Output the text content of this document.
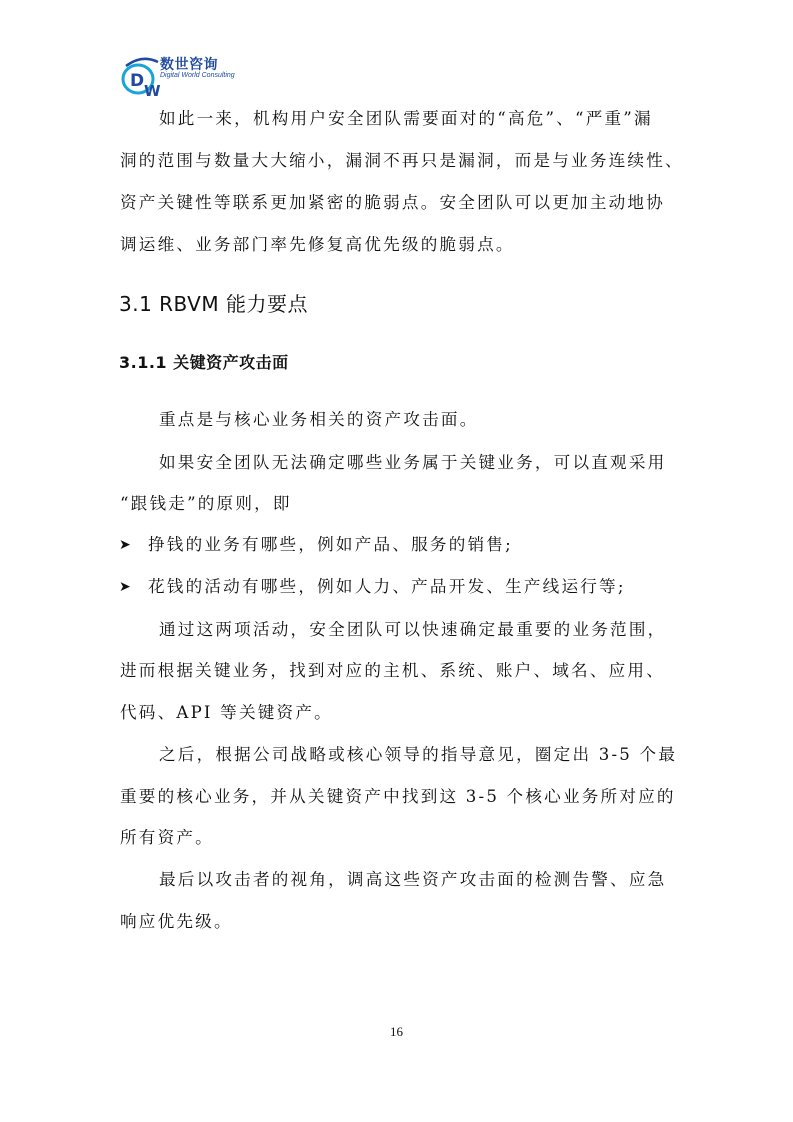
D W
数世咨询
Digital World Consulting
如此一来，机构用户安全团队需要面对的“高危”、“严重”漏
洞的范围与数量大大缩小，漏洞不再只是漏洞，而是与业务连续性、
资产关键性等联系更加紧密的脆弱点。安全团队可以更加主动地协
调运维、业务部门率先修复高优先级的脆弱点。
3.1 RBVM 能力要点
3.1.1 关键资产攻击面
重点是与核心业务相关的资产攻击面。
如果安全团队无法确定哪些业务属于关键业务，可以直观采用
“跟钱走”的原则，即
➤ 挣钱的业务有哪些，例如产品、服务的销售;
➤ 花钱的活动有哪些，例如人力、产品开发、生产线运行等;
通过这两项活动，安全团队可以快速确定最重要的业务范围，
进而根据关键业务，找到对应的主机、系统、账户、域名、应用、
代码、API 等关键资产。
之后，根据公司战略或核心领导的指导意见，圈定出 3-5 个最
重要的核心业务，并从关键资产中找到这 3-5 个核心业务所对应的
所有资产。
最后以攻击者的视角，调高这些资产攻击面的检测告警、应急
响应优先级。
16
